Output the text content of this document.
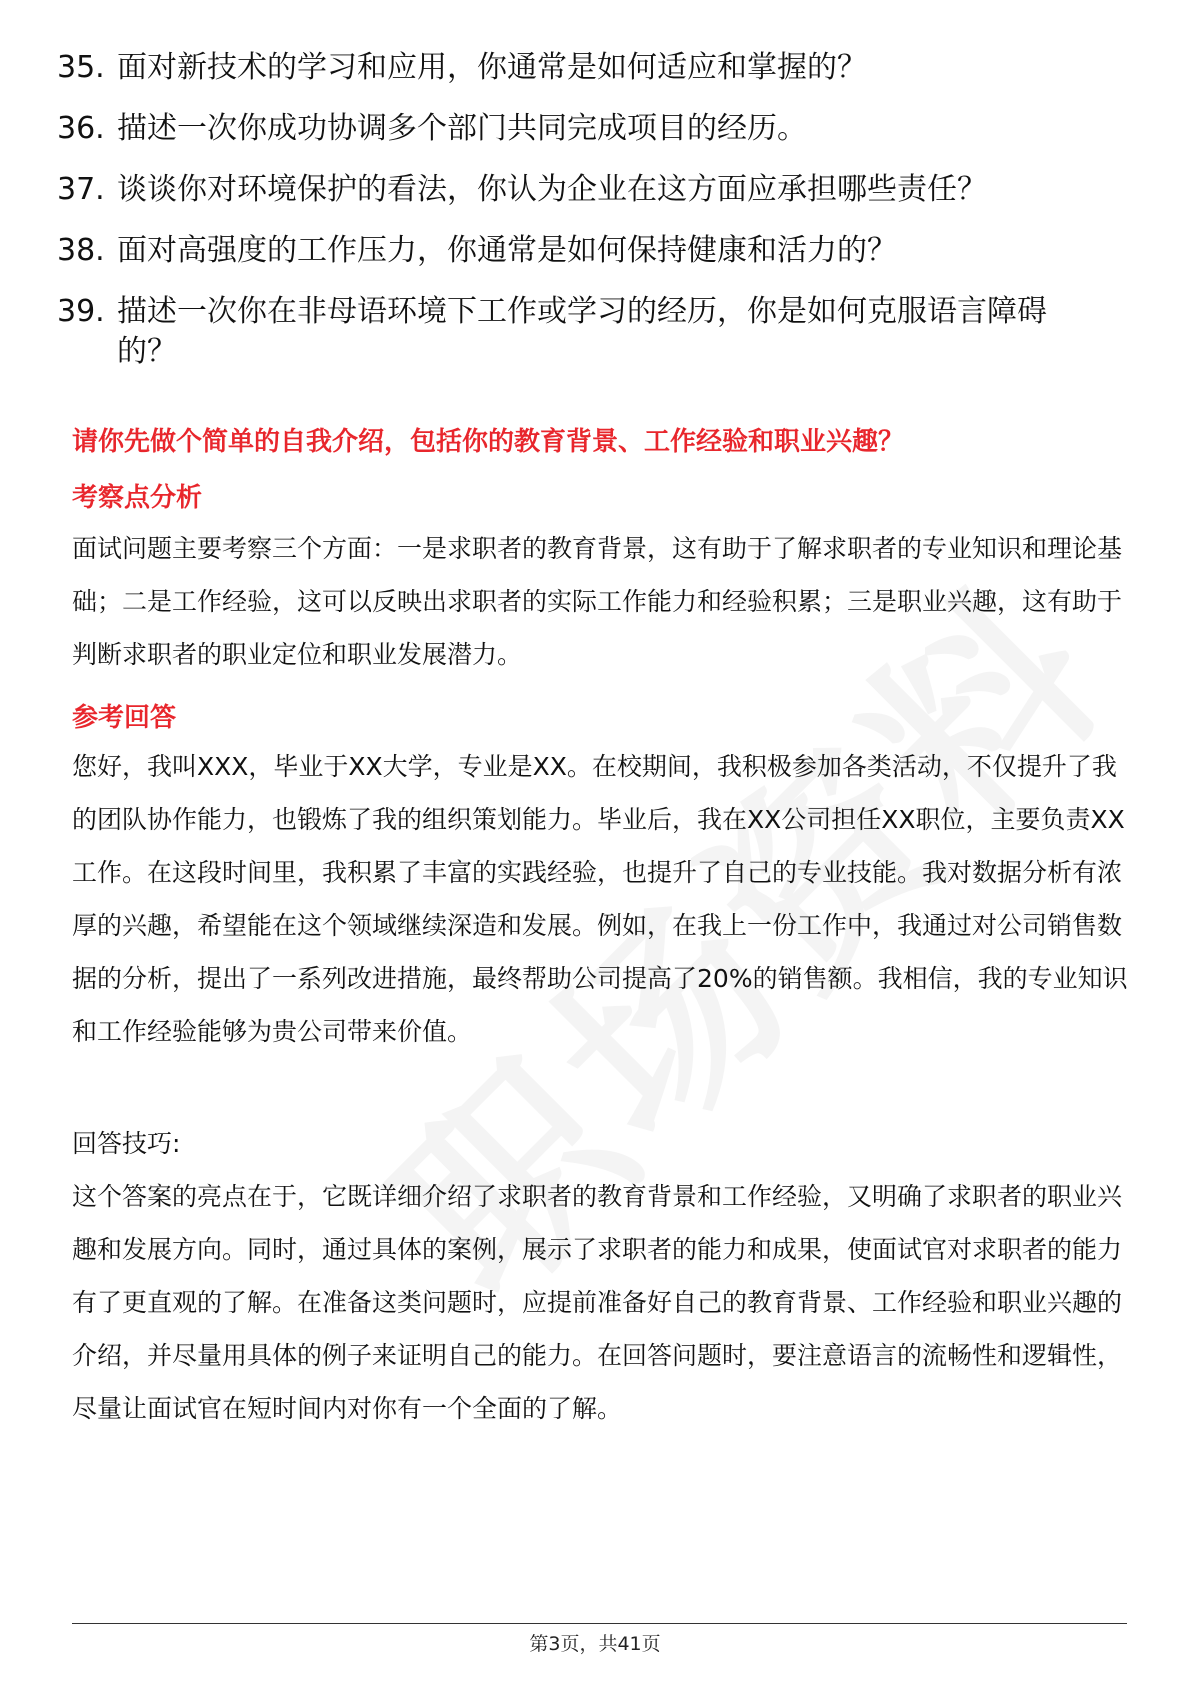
35. 面对新技术的学习和应用，你通常是如何适应和掌握的？
36. 描述一次你成功协调多个部门共同完成项目的经历。
37. 谈谈你对环境保护的看法，你认为企业在这方面应承担哪些责任？
38. 面对高强度的工作压力，你通常是如何保持健康和活力的？
39. 描述一次你在非母语环境下工作或学习的经历，你是如何克服语言障碍的？
请你先做个简单的自我介绍，包括你的教育背景、工作经验和职业兴趣？
考察点分析

面试问题主要考察三个方面：一是求职者的教育背景，这有助于了解求职者的专业知识和理论基础；二是工作经验，这可以反映出求职者的实际工作能力和经验积累；三是职业兴趣，这有助于判断求职者的职业定位和职业发展潜力。

参考回答

您好，我叫XXX，毕业于XX大学，专业是XX。在校期间，我积极参加各类活动，不仅提升了我的团队协作能力，也锻炼了我的组织策划能力。毕业后，我在XX公司担任XX职位，主要负责XX工作。在这段时间里，我积累了丰富的实践经验，也提升了自己的专业技能。我对数据分析有浓厚的兴趣，希望能在这个领域继续深造和发展。例如，在我上一份工作中，我通过对公司销售数据的分析，提出了一系列改进措施，最终帮助公司提高了20%的销售额。我相信，我的专业知识和工作经验能够为贵公司带来价值。

回答技巧:

这个答案的亮点在于，它既详细介绍了求职者的教育背景和工作经验，又明确了求职者的职业兴趣和发展方向。同时，通过具体的案例，展示了求职者的能力和成果，使面试官对求职者的能力有了更直观的了解。在准备这类问题时，应提前准备好自己的教育背景、工作经验和职业兴趣的介绍，并尽量用具体的例子来证明自己的能力。在回答问题时，要注意语言的流畅性和逻辑性，尽量让面试官在短时间内对你有一个全面的了解。

第3页，共41页
